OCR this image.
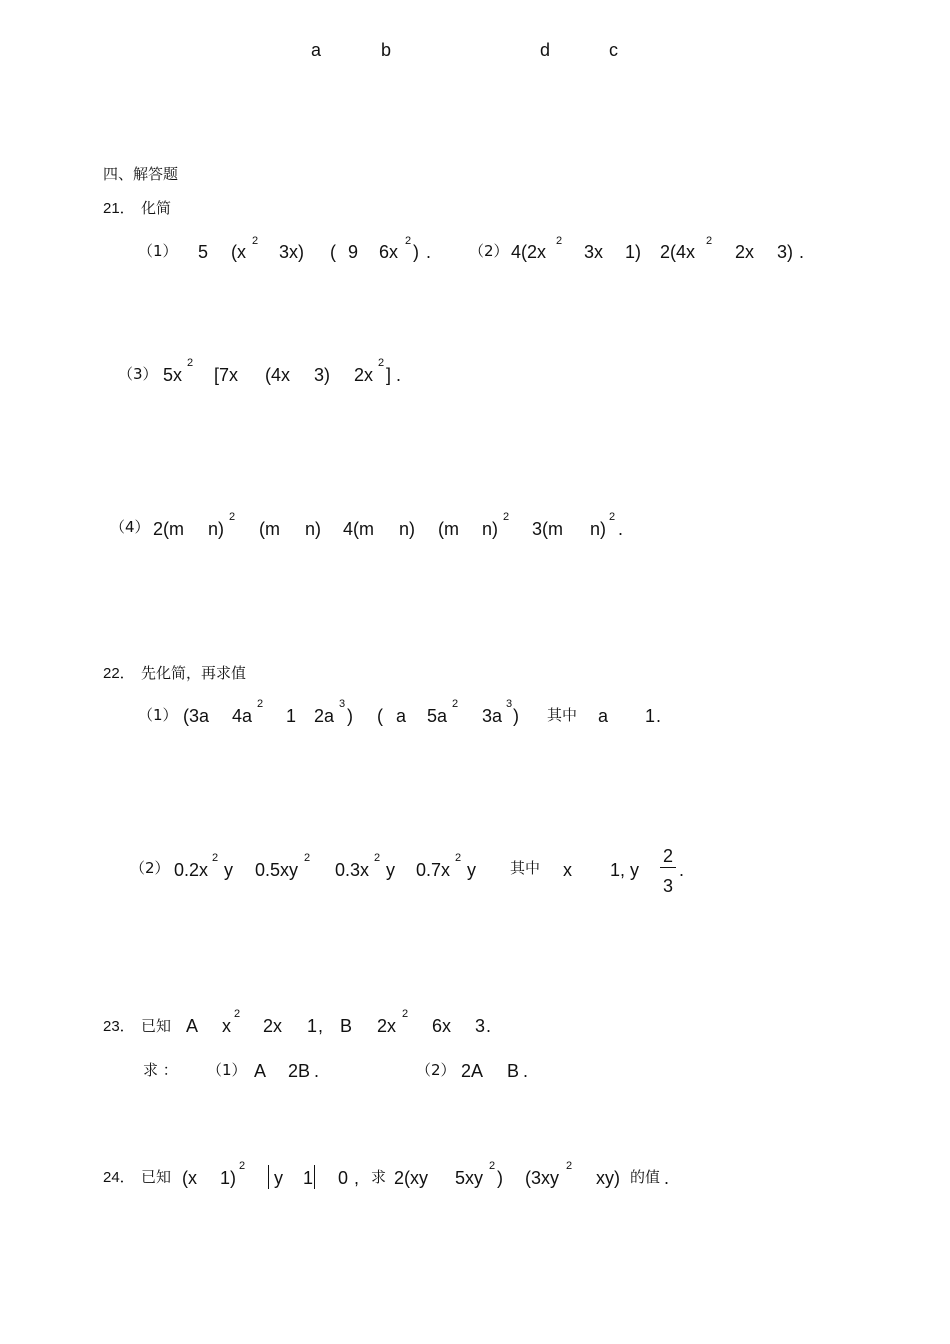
a	b	d	c
四、解答题
21． 化简
（1） 5 (x
2
3x) ( 9 6x
2
) .	（2） 4(2x
2
3x 1) 2(4x
2
2x 3) .
（3） 5x
2
[7x (4x 3) 2x
2
] .
（4） 2(m n)
2
(m n) 4(m n) (m n)
2
3(m n)
2
.
22． 先化简，再求值
（1） (3a 4a
2
1 2a
3
) ( a 5a
2
3a
3
) 其中 a 1 .
（2） 0.2x
2
y 0.5xy
2
0.3x
2
y 0.7x
2
y 其中 x 1, y
2
3
.
23． 已知 A x
2
2x 1 , B 2x
2
6x 3 .
求 ： （1） A 2B .	（2） 2A B .
24． 已知 (x 1)
2
y 1 0 , 求 2(xy 5xy
2
) (3xy
2
xy) 的值 .
